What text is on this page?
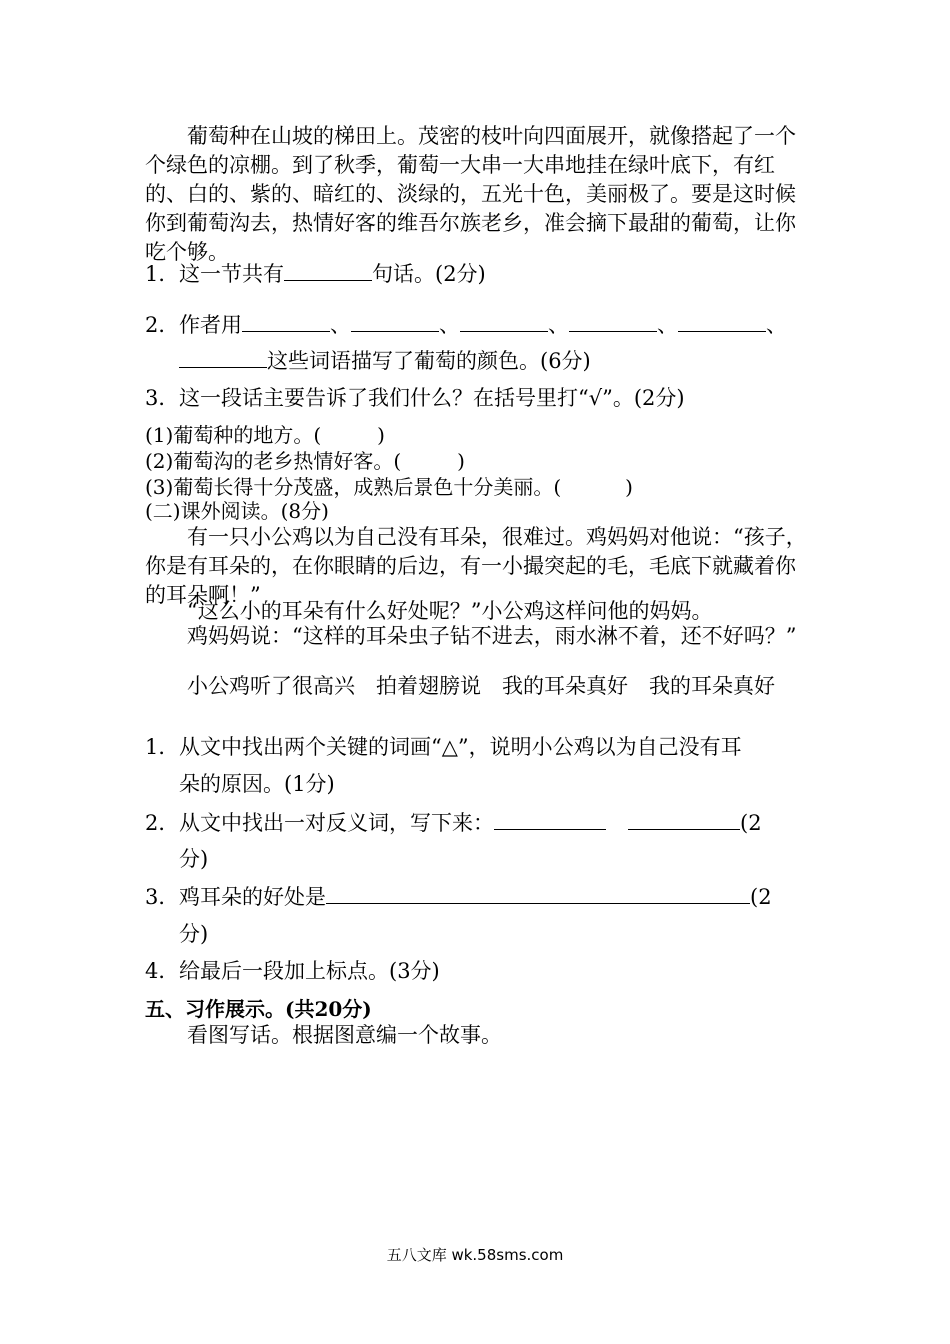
葡萄种在山坡的梯田上。茂密的枝叶向四面展开，就像搭起了一个个绿色的凉棚。到了秋季，葡萄一大串一大串地挂在绿叶底下，有红的、白的、紫的、暗红的、淡绿的，五光十色，美丽极了。要是这时候你到葡萄沟去，热情好客的维吾尔族老乡，准会摘下最甜的葡萄，让你吃个够。

1．这一节共有	句话。(2分)

2．作者用	、	、	、	、	、

这些词语描写了葡萄的颜色。(6分)

3．这一段话主要告诉了我们什么？在括号里打“√”。(2分)

(1)葡萄种的地方。(	)

(2)葡萄沟的老乡热情好客。(	)

(3)葡萄长得十分茂盛，成熟后景色十分美丽。(	)

(二)课外阅读。(8分)

有一只小公鸡以为自己没有耳朵，很难过。鸡妈妈对他说：“孩子，你是有耳朵的，在你眼睛的后边，有一小撮突起的毛，毛底下就藏着你的耳朵啊！”

“这么小的耳朵有什么好处呢？”小公鸡这样问他的妈妈。

鸡妈妈说：“这样的耳朵虫子钻不进去，雨水淋不着，还不好吗？”

小公鸡听了很高兴　拍着翅膀说　我的耳朵真好　我的耳朵真好

1．从文中找出两个关键的词画“△”，说明小公鸡以为自己没有耳

朵的原因。(1分)

2．从文中找出一对反义词，写下来：	(2

分)

3．鸡耳朵的好处是	(2

分)

4．给最后一段加上标点。(3分)

五、习作展示。(共20分)

看图写话。根据图意编一个故事。

五八文库 wk.58sms.com
